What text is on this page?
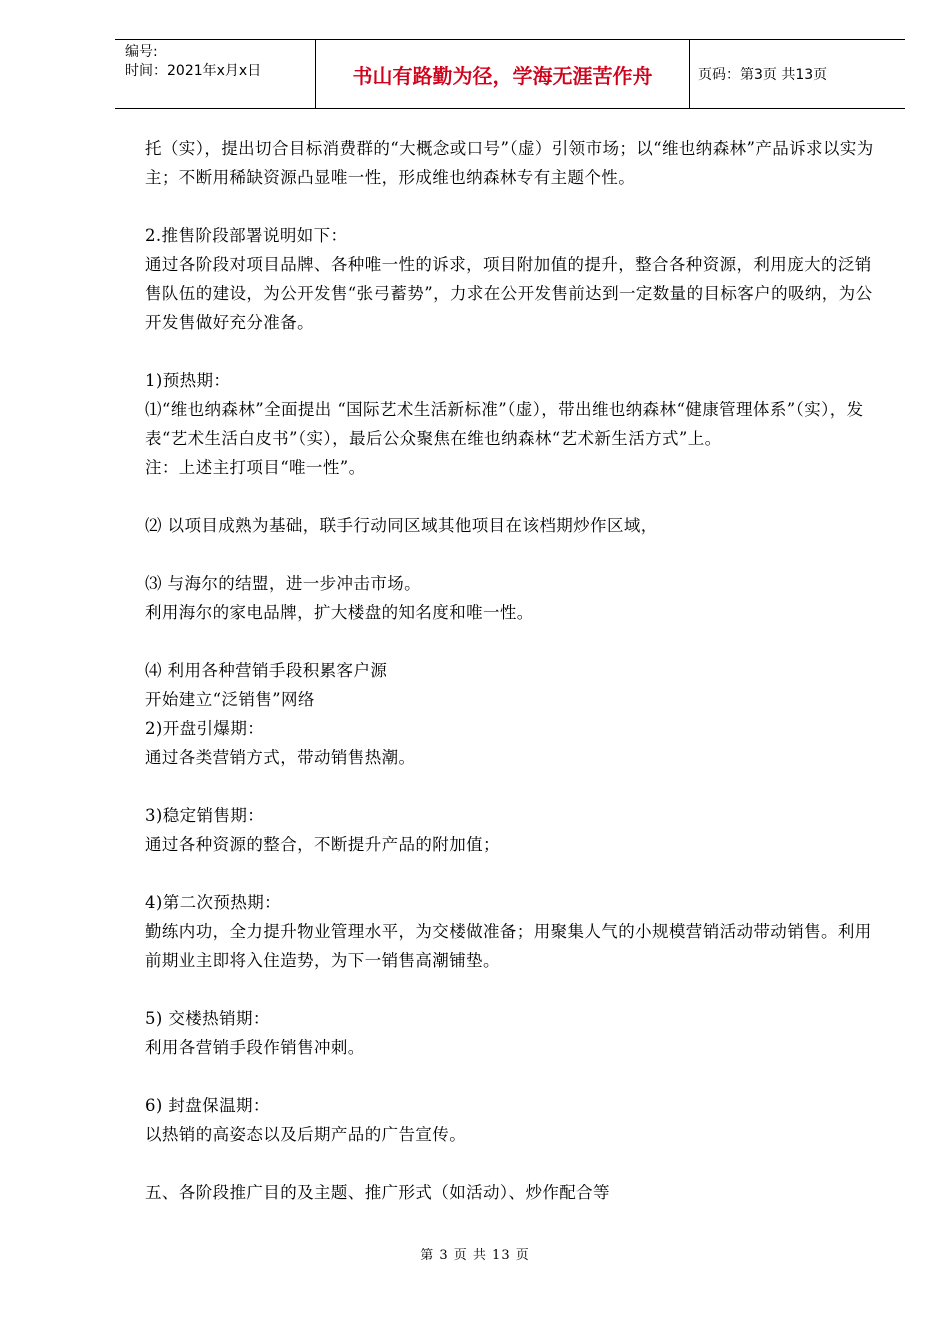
编号:
时间：2021年x月x日	书山有路勤为径，学海无涯苦作舟	页码：第3页 共13页

托（实），提出切合目标消费群的“大概念或口号”（虚）引领市场；以“维也纳森林”产品诉求以实为主；不断用稀缺资源凸显唯一性，形成维也纳森林专有主题个性。

2.推售阶段部署说明如下：

通过各阶段对项目品牌、各种唯一性的诉求，项目附加值的提升，整合各种资源，利用庞大的泛销售队伍的建设，为公开发售“张弓蓄势”，力求在公开发售前达到一定数量的目标客户的吸纳，为公开发售做好充分准备。

1)预热期：

⑴“维也纳森林”全面提出 “国际艺术生活新标准”（虚），带出维也纳森林“健康管理体系”（实），发表“艺术生活白皮书”（实），最后公众聚焦在维也纳森林“艺术新生活方式”上。

注：上述主打项目“唯一性”。

⑵ 以项目成熟为基础，联手行动同区域其他项目在该档期炒作区域，

⑶ 与海尔的结盟，进一步冲击市场。

利用海尔的家电品牌，扩大楼盘的知名度和唯一性。

⑷ 利用各种营销手段积累客户源

开始建立“泛销售”网络

2)开盘引爆期：

通过各类营销方式，带动销售热潮。

3)稳定销售期：

通过各种资源的整合，不断提升产品的附加值；

4)第二次预热期：

勤练内功，全力提升物业管理水平，为交楼做准备；用聚集人气的小规模营销活动带动销售。利用前期业主即将入住造势，为下一销售高潮铺垫。

5) 交楼热销期：

利用各营销手段作销售冲刺。

6) 封盘保温期：

以热销的高姿态以及后期产品的广告宣传。

五、各阶段推广目的及主题、推广形式（如活动）、炒作配合等

第 3 页 共 13 页
